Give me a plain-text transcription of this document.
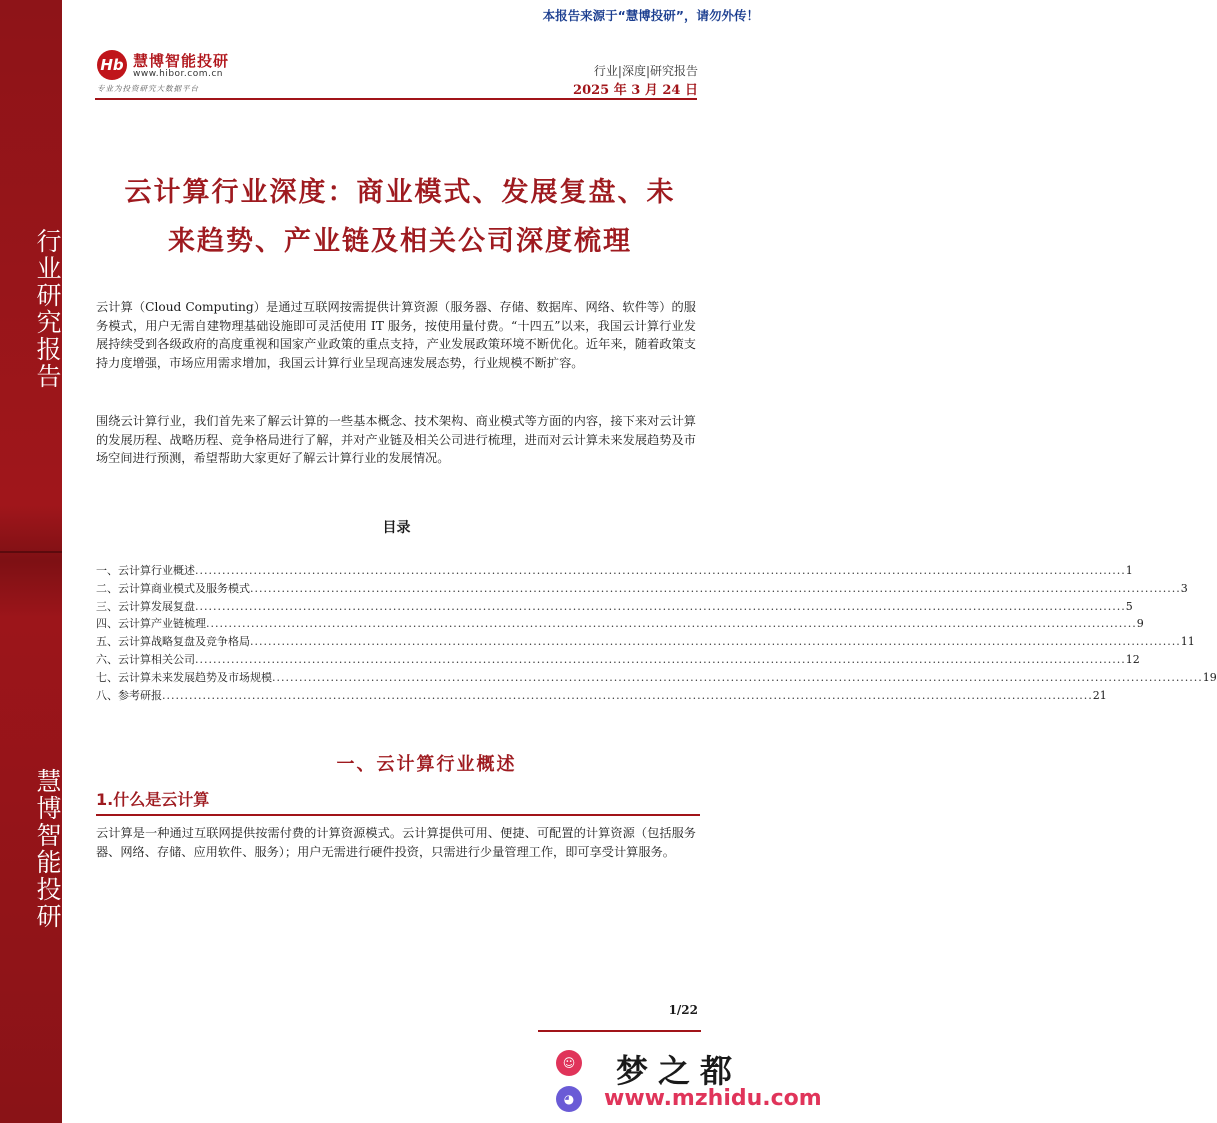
行业研究报告
慧博智能投研
本报告来源于“慧博投研”，请勿外传！
Hb 慧博智能投研
www.hibor.com.cn
专业为投资研究大数据平台
行业|深度|研究报告
2025 年 3 月 24 日
云计算行业深度：商业模式、发展复盘、未
来趋势、产业链及相关公司深度梳理

云计算（Cloud Computing）是通过互联网按需提供计算资源（服务器、存储、数据库、网络、软件等）的服务模式，用户无需自建物理基础设施即可灵活使用 IT 服务，按使用量付费。“十四五”以来，我国云计算行业发展持续受到各级政府的高度重视和国家产业政策的重点支持，产业发展政策环境不断优化。近年来，随着政策支持力度增强，市场应用需求增加，我国云计算行业呈现高速发展态势，行业规模不断扩容。

围绕云计算行业，我们首先来了解云计算的一些基本概念、技术架构、商业模式等方面的内容，接下来对云计算的发展历程、战略历程、竞争格局进行了解，并对产业链及相关公司进行梳理，进而对云计算未来发展趋势及市场空间进行预测，希望帮助大家更好了解云计算行业的发展情况。

目录
一、云计算行业概述 .....	1
二、云计算商业模式及服务模式 .....	3
三、云计算发展复盘 .....	5
四、云计算产业链梳理 .....	9
五、云计算战略复盘及竞争格局 .....	11
六、云计算相关公司 .....	12
七、云计算未来发展趋势及市场规模 .....	19
八、参考研报 .....	21
一、云计算行业概述
1.什么是云计算

云计算是一种通过互联网提供按需付费的计算资源模式。云计算提供可用、便捷、可配置的计算资源（包括服务器、网络、存储、应用软件、服务）；用户无需进行硬件投资，只需进行少量管理工作，即可享受计算服务。

1/22
☺
◕
梦之都
www.mzhidu.com
